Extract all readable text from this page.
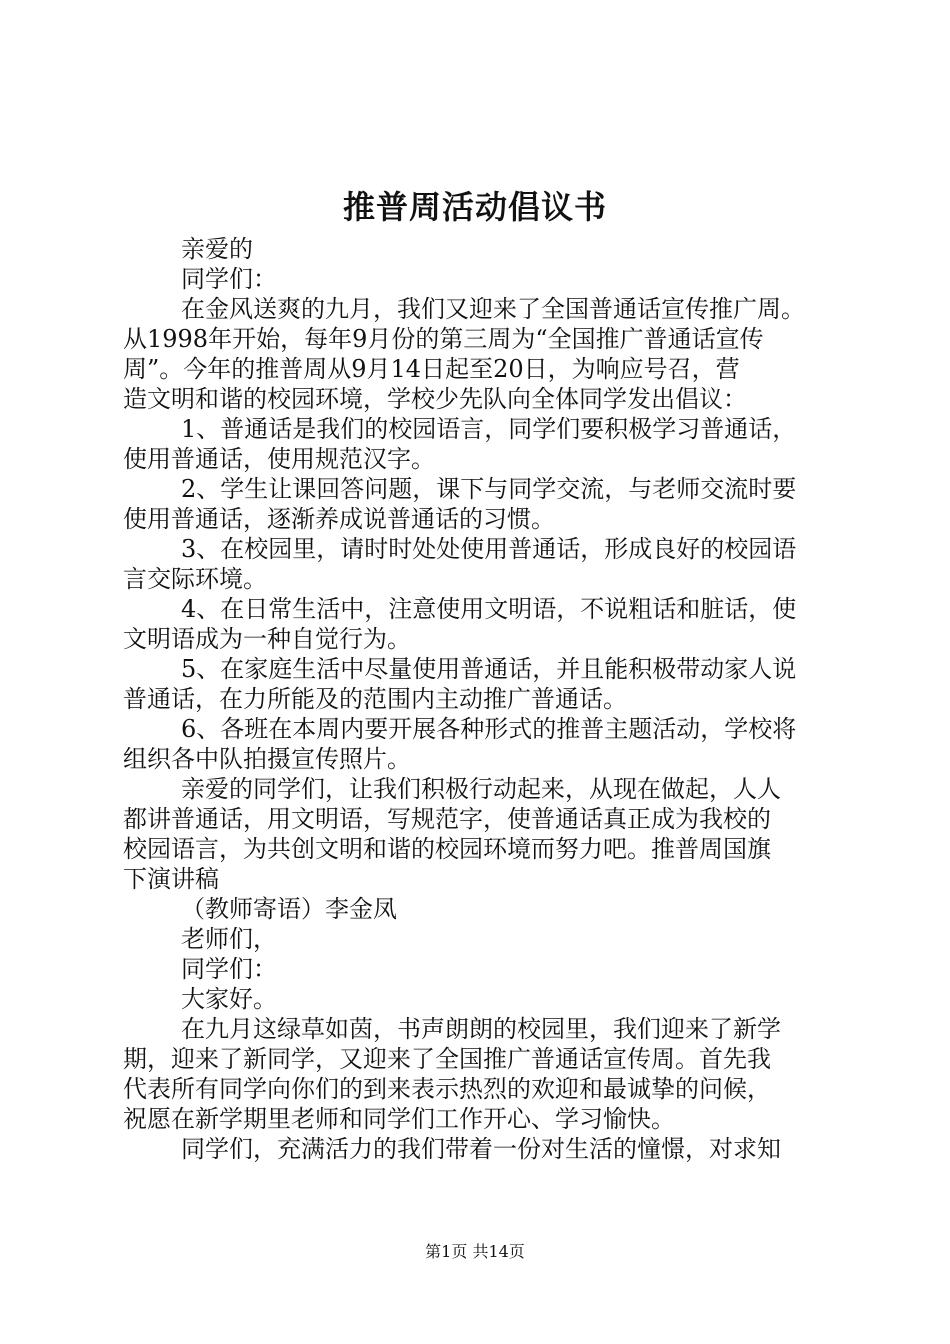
推普周活动倡议书
亲爱的
同学们：
在金风送爽的九月，我们又迎来了全国普通话宣传推广周。
从1998年开始，每年9月份的第三周为“全国推广普通话宣传
周”。今年的推普周从9月14日起至20日，为响应号召，营
造文明和谐的校园环境，学校少先队向全体同学发出倡议：
1、普通话是我们的校园语言，同学们要积极学习普通话，
使用普通话，使用规范汉字。
2、学生让课回答问题，课下与同学交流，与老师交流时要
使用普通话，逐渐养成说普通话的习惯。
3、在校园里，请时时处处使用普通话，形成良好的校园语
言交际环境。
4、在日常生活中，注意使用文明语，不说粗话和脏话，使
文明语成为一种自觉行为。
5、在家庭生活中尽量使用普通话，并且能积极带动家人说
普通话，在力所能及的范围内主动推广普通话。
6、各班在本周内要开展各种形式的推普主题活动，学校将
组织各中队拍摄宣传照片。
亲爱的同学们，让我们积极行动起来，从现在做起，人人
都讲普通话，用文明语，写规范字，使普通话真正成为我校的
校园语言，为共创文明和谐的校园环境而努力吧。推普周国旗
下演讲稿
（教师寄语）李金凤
老师们，
同学们：
大家好。
在九月这绿草如茵，书声朗朗的校园里，我们迎来了新学
期，迎来了新同学，又迎来了全国推广普通话宣传周。首先我
代表所有同学向你们的到来表示热烈的欢迎和最诚挚的问候，
祝愿在新学期里老师和同学们工作开心、学习愉快。
同学们，充满活力的我们带着一份对生活的憧憬，对求知
第1页 共14页
